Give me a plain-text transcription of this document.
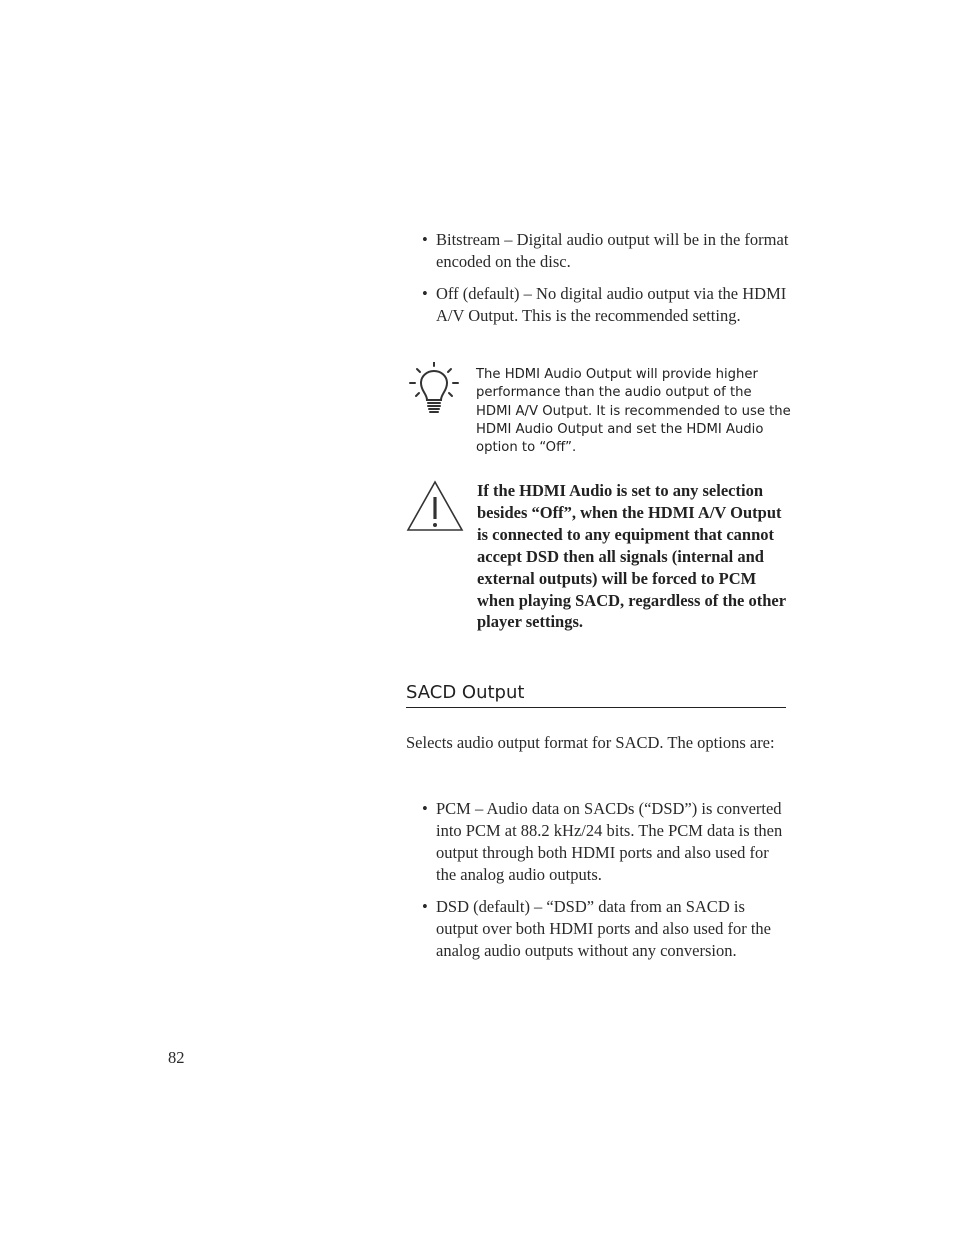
• Bitstream – Digital audio output will be in the format encoded on the disc.
• Off (default) – No digital audio output via the HDMI A/V Output. This is the recommended setting.
The HDMI Audio Output will provide higher performance than the audio output of the HDMI A/V Output. It is recommended to use the HDMI Audio Output and set the HDMI Audio option to “Off”.
If the HDMI Audio is set to any selection besides “Off”, when the HDMI A/V Output is connected to any equipment that cannot accept DSD then all signals (internal and external outputs) will be forced to PCM when playing SACD, regardless of the other player settings.
SACD Output

Selects audio output format for SACD. The options are:

• PCM – Audio data on SACDs (“DSD”) is converted into PCM at 88.2 kHz/24 bits. The PCM data is then output through both HDMI ports and also used for the analog audio outputs.
• DSD (default) – “DSD” data from an SACD is output over both HDMI ports and also used for the analog audio outputs without any conversion.
82
